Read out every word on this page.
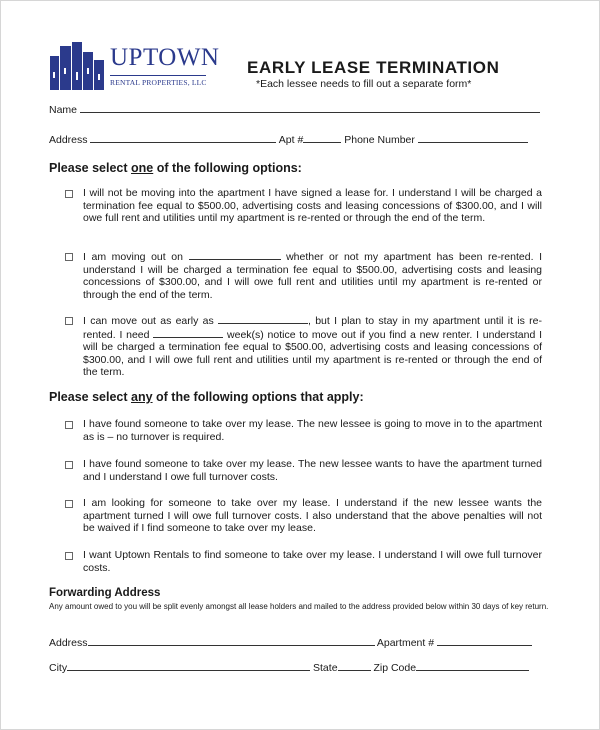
UPTOWN
RENTAL PROPERTIES, LLC
EARLY LEASE TERMINATION
*Each lessee needs to fill out a separate form*
Name
Address	Apt #	Phone Number
Please select one of the following options:
I will not be moving into the apartment I have signed a lease for. I understand I will be charged a termination fee equal to $500.00, advertising costs and leasing concessions of $300.00, and I will owe full rent and utilities until my apartment is re-rented or through the end of the term.
I am moving out on	whether or not my apartment has been re-rented. I understand I will be charged a termination fee equal to $500.00, advertising costs and leasing concessions of $300.00, and I will owe full rent and utilities until my apartment is re-rented or through the end of the term.
I can move out as early as	, but I plan to stay in my apartment until it is re-rented. I need	week(s) notice to move out if you find a new renter. I understand I will be charged a termination fee equal to $500.00, advertising costs and leasing concessions of $300.00, and I will owe full rent and utilities until my apartment is re-rented or through the end of the term.
Please select any of the following options that apply:
I have found someone to take over my lease. The new lessee is going to move in to the apartment as is – no turnover is required.
I have found someone to take over my lease. The new lessee wants to have the apartment turned and I understand I owe full turnover costs.
I am looking for someone to take over my lease. I understand if the new lessee wants the apartment turned I will owe full turnover costs. I also understand that the above penalties will not be waived if I find someone to take over my lease.
I want Uptown Rentals to find someone to take over my lease. I understand I will owe full turnover costs.
Forwarding Address
Any amount owed to you will be split evenly amongst all lease holders and mailed to the address provided below within 30 days of key return.
Address	Apartment #
City	State	Zip Code
